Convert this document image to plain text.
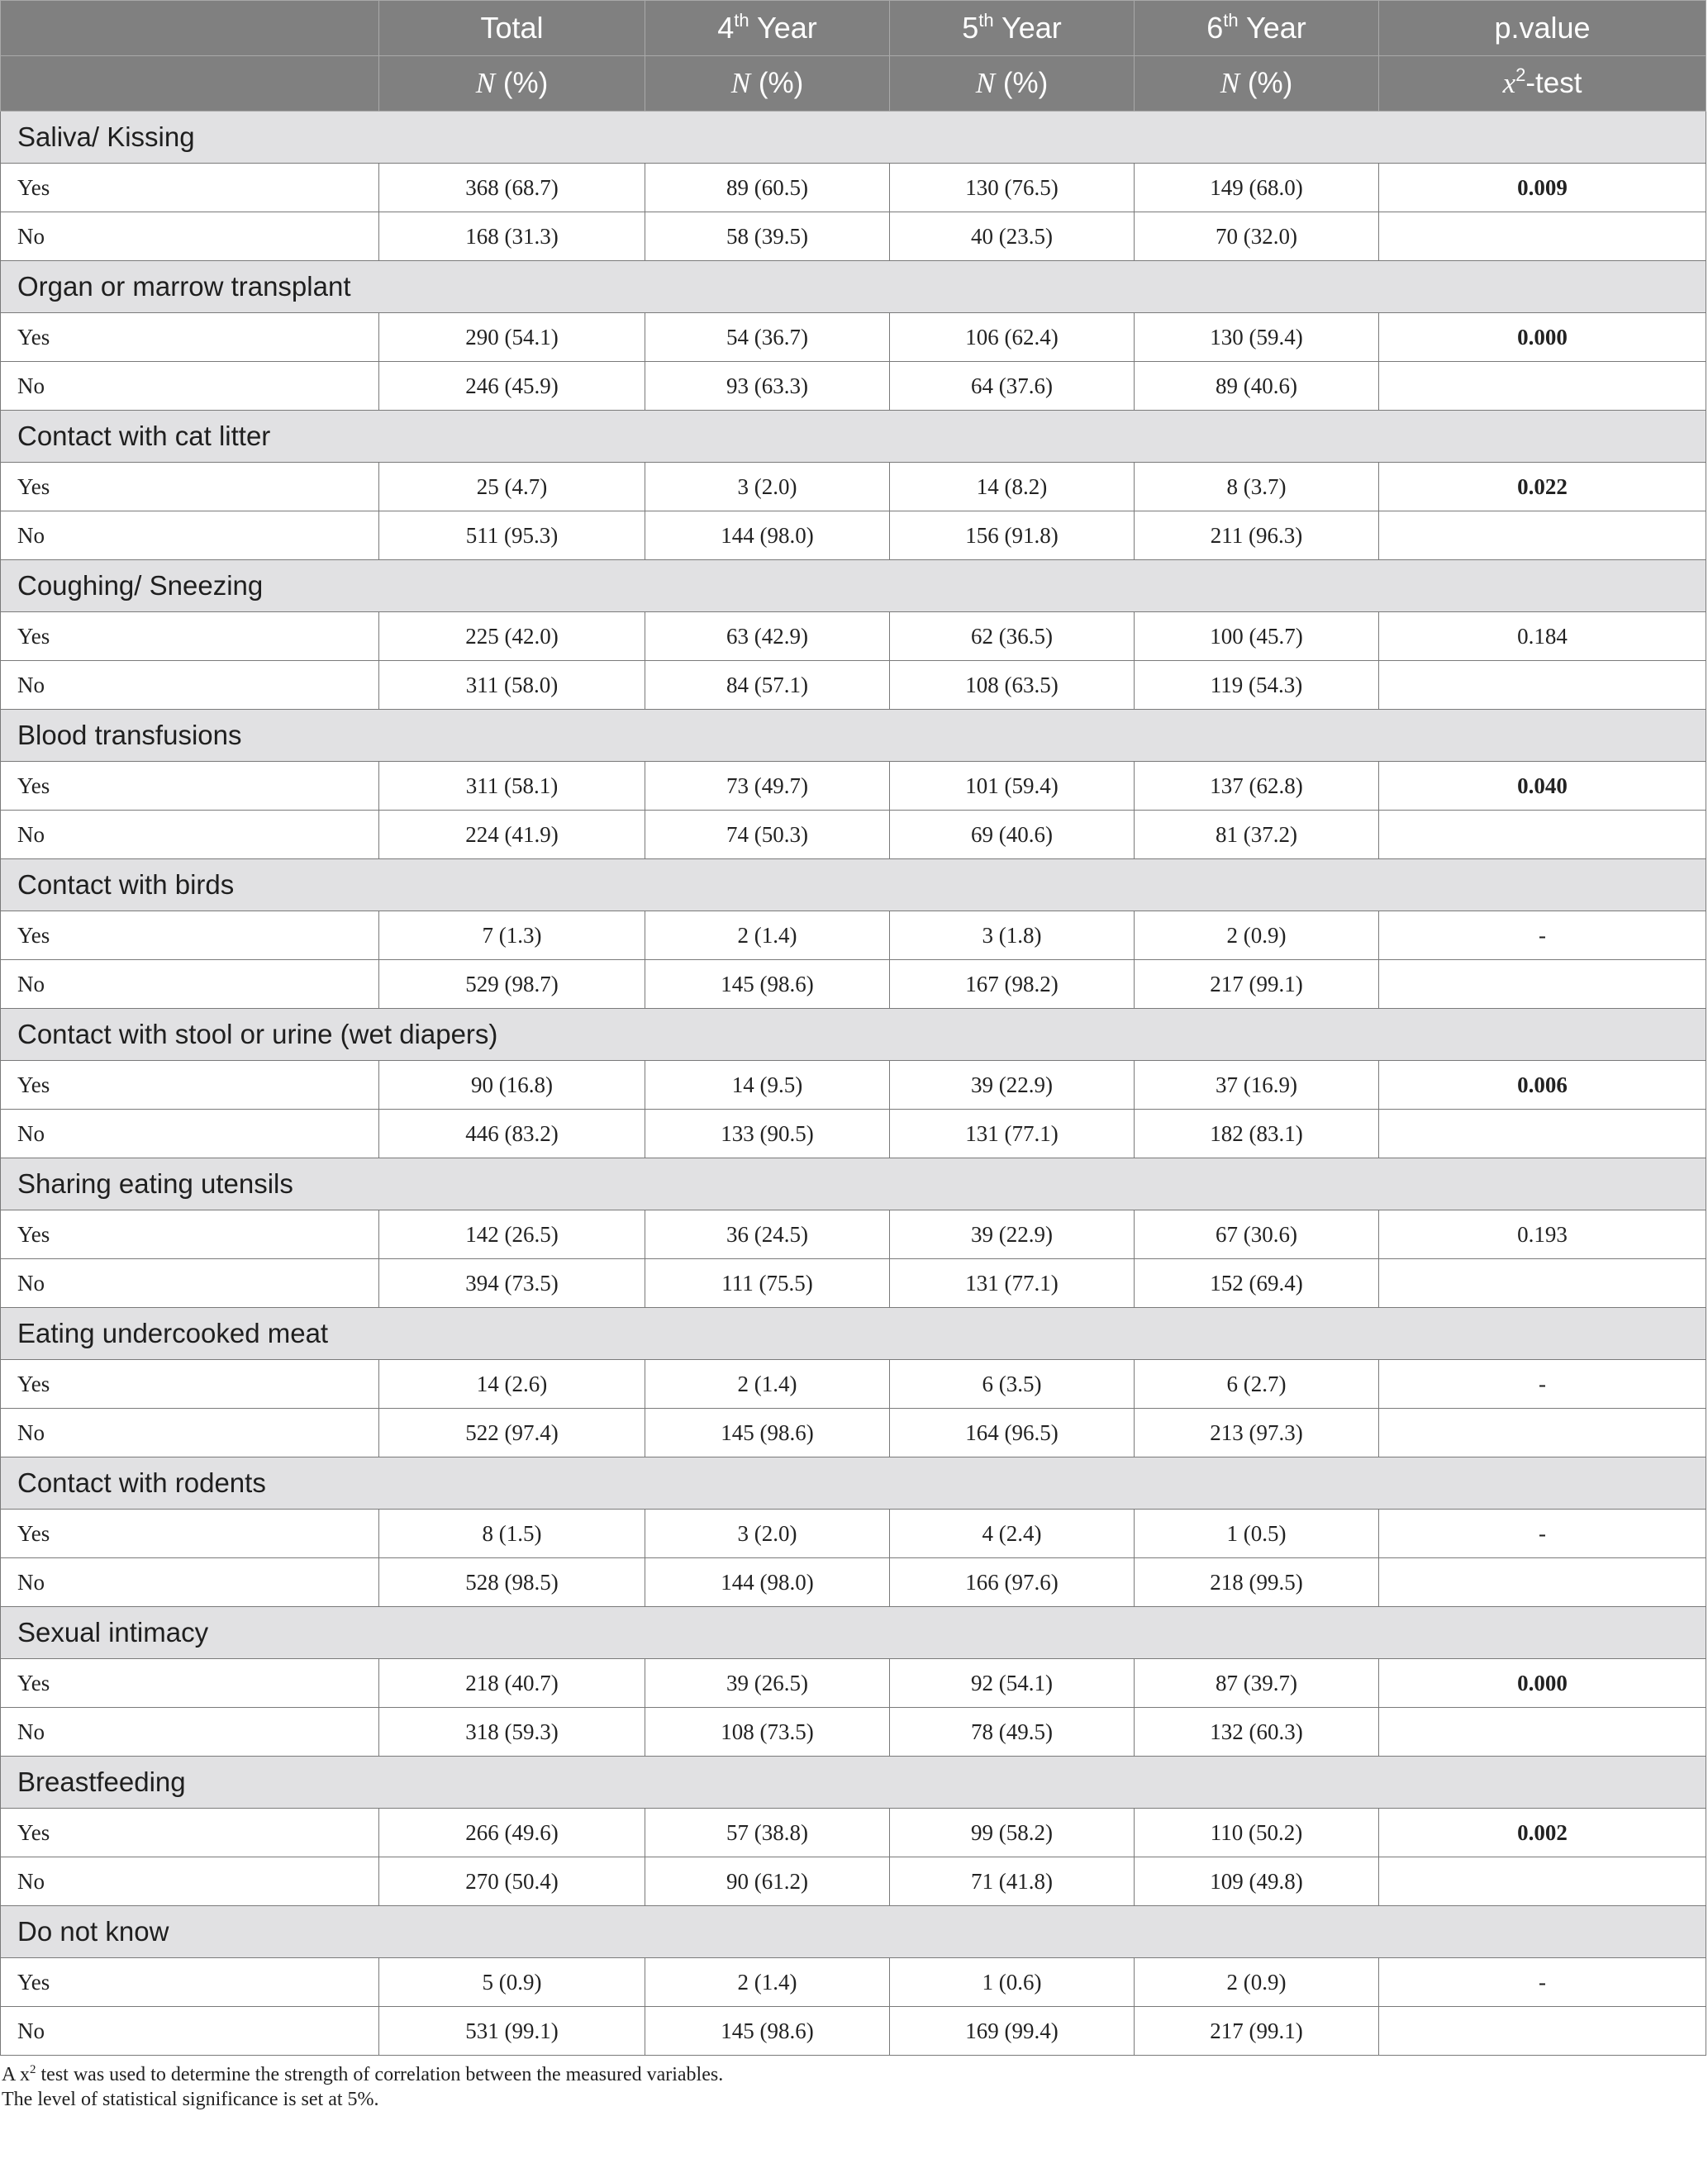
	Total	4th Year	5th Year	6th Year	p.value
	N (%)	N (%)	N (%)	N (%)	$x^2$-test
Saliva/ Kissing					
Yes	368 (68.7)	89 (60.5)	130 (76.5)	149 (68.0)	0.009
No	168 (31.3)	58 (39.5)	40 (23.5)	70 (32.0)	
Organ or marrow transplant					
Yes	290 (54.1)	54 (36.7)	106 (62.4)	130 (59.4)	0.000
No	246 (45.9)	93 (63.3)	64 (37.6)	89 (40.6)	
Contact with cat litter					
Yes	25 (4.7)	3 (2.0)	14 (8.2)	8 (3.7)	0.022
No	511 (95.3)	144 (98.0)	156 (91.8)	211 (96.3)	
Coughing/ Sneezing					
Yes	225 (42.0)	63 (42.9)	62 (36.5)	100 (45.7)	0.184
No	311 (58.0)	84 (57.1)	108 (63.5)	119 (54.3)	
Blood transfusions					
Yes	311 (58.1)	73 (49.7)	101 (59.4)	137 (62.8)	0.040
No	224 (41.9)	74 (50.3)	69 (40.6)	81 (37.2)	
Contact with birds					
Yes	7 (1.3)	2 (1.4)	3 (1.8)	2 (0.9)	-
No	529 (98.7)	145 (98.6)	167 (98.2)	217 (99.1)	
Contact with stool or urine (wet diapers)					
Yes	90 (16.8)	14 (9.5)	39 (22.9)	37 (16.9)	0.006
No	446 (83.2)	133 (90.5)	131 (77.1)	182 (83.1)	
Sharing eating utensils					
Yes	142 (26.5)	36 (24.5)	39 (22.9)	67 (30.6)	0.193
No	394 (73.5)	111 (75.5)	131 (77.1)	152 (69.4)	
Eating undercooked meat					
Yes	14 (2.6)	2 (1.4)	6 (3.5)	6 (2.7)	-
No	522 (97.4)	145 (98.6)	164 (96.5)	213 (97.3)	
Contact with rodents					
Yes	8 (1.5)	3 (2.0)	4 (2.4)	1 (0.5)	-
No	528 (98.5)	144 (98.0)	166 (97.6)	218 (99.5)	
Sexual intimacy					
Yes	218 (40.7)	39 (26.5)	92 (54.1)	87 (39.7)	0.000
No	318 (59.3)	108 (73.5)	78 (49.5)	132 (60.3)	
Breastfeeding					
Yes	266 (49.6)	57 (38.8)	99 (58.2)	110 (50.2)	0.002
No	270 (50.4)	90 (61.2)	71 (41.8)	109 (49.8)	
Do not know					
Yes	5 (0.9)	2 (1.4)	1 (0.6)	2 (0.9)	-
No	531 (99.1)	145 (98.6)	169 (99.4)	217 (99.1)	
A $x^2$ test was used to determine the strength of correlation between the measured variables.
The level of statistical significance is set at 5%.
